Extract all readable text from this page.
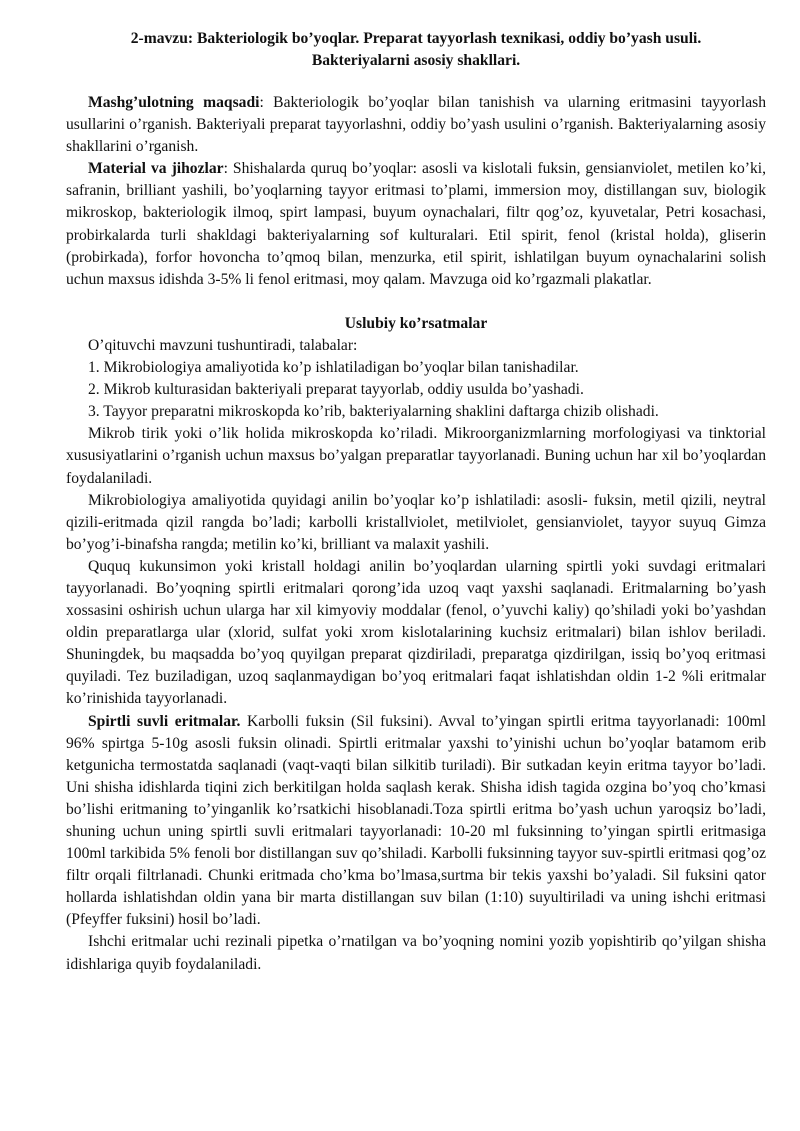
2-mavzu: Bakteriologik bo’yoqlar. Preparat tayyorlash texnikasi, oddiy bo’yash usuli.
Bakteriyalarni asosiy shakllari.

Mashg’ulotning maqsadi: Bakteriologik bo’yoqlar bilan tanishish va ularning eritmasini tayyorlash usullarini o’rganish. Bakteriyali preparat tayyorlashni, oddiy bo’yash usulini o’rganish. Bakteriyalarning asosiy shakllarini o’rganish.

Material va jihozlar: Shishalarda quruq bo’yoqlar: asosli va kislotali fuksin, gensianviolet, metilen ko’ki, safranin, brilliant yashili, bo’yoqlarning tayyor eritmasi to’plami, immersion moy, distillangan suv, biologik mikroskop, bakteriologik ilmoq, spirt lampasi, buyum oynachalari, filtr qog’oz, kyuvetalar, Petri kosachasi, probirkalarda turli shakldagi bakteriyalarning sof kulturalari. Etil spirit, fenol (kristal holda), gliserin (probirkada), forfor hovoncha to’qmoq bilan, menzurka, etil spirit, ishlatilgan buyum oynachalarini solish uchun maxsus idishda 3-5% li fenol eritmasi, moy qalam. Mavzuga oid ko’rgazmali plakatlar.

Uslubiy ko’rsatmalar

O’qituvchi mavzuni tushuntiradi, talabalar:

1. Mikrobiologiya amaliyotida ko’p ishlatiladigan bo’yoqlar bilan tanishadilar.

2. Mikrob kulturasidan bakteriyali preparat tayyorlab, oddiy usulda bo’yashadi.

3. Tayyor preparatni mikroskopda ko’rib, bakteriyalarning shaklini daftarga chizib olishadi.

Mikrob tirik yoki o’lik holida mikroskopda ko’riladi. Mikroorganizmlarning morfologiyasi va tinktorial xususiyatlarini o’rganish uchun maxsus bo’yalgan preparatlar tayyorlanadi. Buning uchun har xil bo’yoqlardan foydalaniladi.

Mikrobiologiya amaliyotida quyidagi anilin bo’yoqlar ko’p ishlatiladi: asosli- fuksin, metil qizili, neytral qizili-eritmada qizil rangda bo’ladi; karbolli kristallviolet, metilviolet, gensianviolet, tayyor suyuq Gimza bo’yog’i-binafsha rangda; metilin ko’ki, brilliant va malaxit yashili.

Ququq kukunsimon yoki kristall holdagi anilin bo’yoqlardan ularning spirtli yoki suvdagi eritmalari tayyorlanadi. Bo’yoqning spirtli eritmalari qorong’ida uzoq vaqt yaxshi saqlanadi. Eritmalarning bo’yash xossasini oshirish uchun ularga har xil kimyoviy moddalar (fenol, o’yuvchi kaliy) qo’shiladi yoki bo’yashdan oldin preparatlarga ular (xlorid, sulfat yoki xrom kislotalarining kuchsiz eritmalari) bilan ishlov beriladi. Shuningdek, bu maqsadda bo’yoq quyilgan preparat qizdiriladi, preparatga qizdirilgan, issiq bo’yoq eritmasi quyiladi. Tez buziladigan, uzoq saqlanmaydigan bo’yoq eritmalari faqat ishlatishdan oldin 1-2 %li eritmalar ko’rinishida tayyorlanadi.

Spirtli suvli eritmalar. Karbolli fuksin (Sil fuksini). Avval to’yingan spirtli eritma tayyorlanadi: 100ml 96% spirtga 5-10g asosli fuksin olinadi. Spirtli eritmalar yaxshi to’yinishi uchun bo’yoqlar batamom erib ketgunicha termostatda saqlanadi (vaqt-vaqti bilan silkitib turiladi). Bir sutkadan keyin eritma tayyor bo’ladi. Uni shisha idishlarda tiqini zich berkitilgan holda saqlash kerak. Shisha idish tagida ozgina bo’yoq cho’kmasi bo’lishi eritmaning to’yinganlik ko’rsatkichi hisoblanadi.Toza spirtli eritma bo’yash uchun yaroqsiz bo’ladi, shuning uchun uning spirtli suvli eritmalari tayyorlanadi: 10-20 ml fuksinning to’yingan spirtli eritmasiga 100ml tarkibida 5% fenoli bor distillangan suv qo’shiladi. Karbolli fuksinning tayyor suv-spirtli eritmasi qog’oz filtr orqali filtrlanadi. Chunki eritmada cho’kma bo’lmasa,surtma bir tekis yaxshi bo’yaladi. Sil fuksini qator hollarda ishlatishdan oldin yana bir marta distillangan suv bilan (1:10) suyultiriladi va uning ishchi eritmasi (Pfeyffer fuksini) hosil bo’ladi.

Ishchi eritmalar uchi rezinali pipetka o’rnatilgan va bo’yoqning nomini yozib yopishtirib qo’yilgan shisha idishlariga quyib foydalaniladi.
